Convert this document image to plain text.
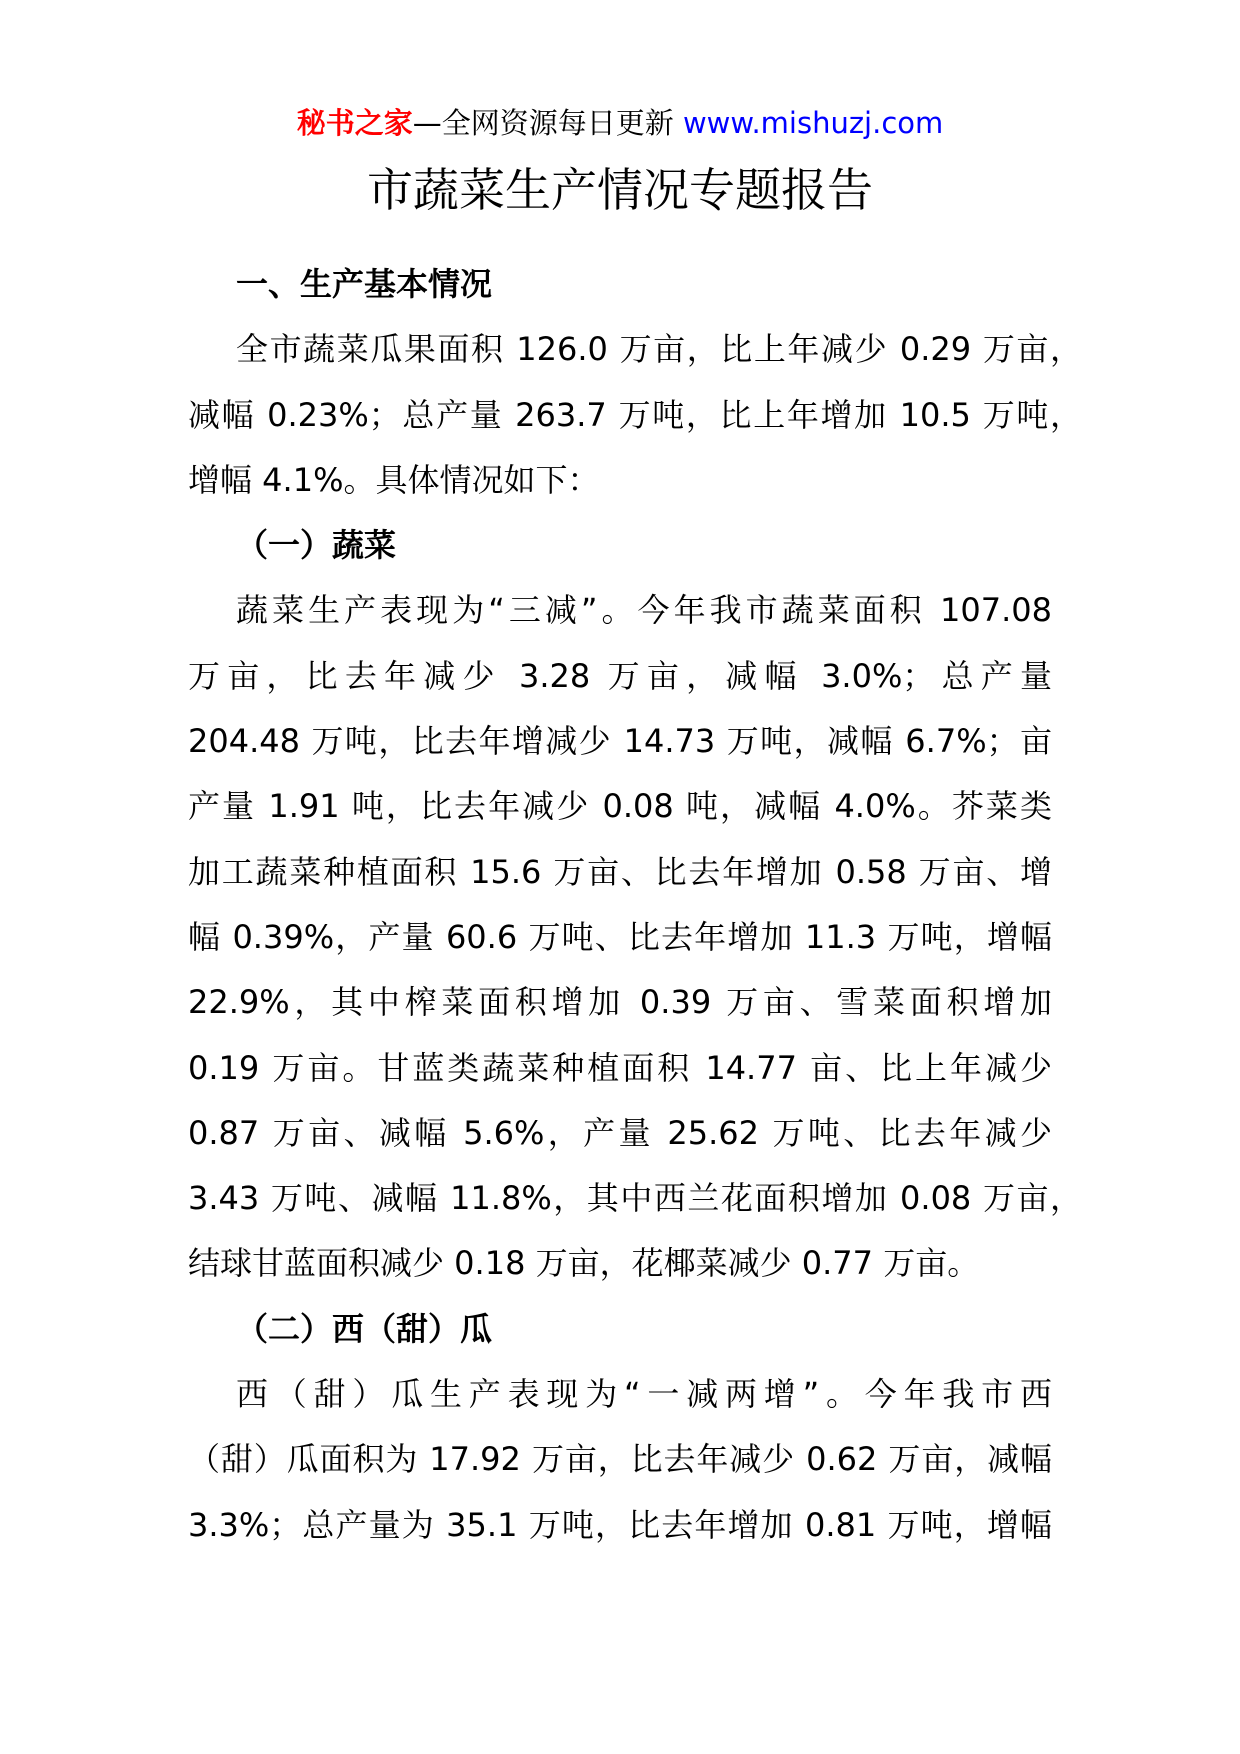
秘书之家—全网资源每日更新 www.mishuzj.com
市蔬菜生产情况专题报告
一、生产基本情况
全市蔬菜瓜果面积 126.0 万亩，比上年减少 0.29 万亩，
减幅 0.23%；总产量 263.7 万吨，比上年增加 10.5 万吨，
增幅 4.1%。具体情况如下：
（一）蔬菜
蔬菜生产表现为“三减”。今年我市蔬菜面积 107.08
万亩，比去年减少 3.28 万亩，减幅 3.0%；总产量
204.48 万吨，比去年增减少 14.73 万吨，减幅 6.7%；亩
产量 1.91 吨，比去年减少 0.08 吨，减幅 4.0%。芥菜类
加工蔬菜种植面积 15.6 万亩、比去年增加 0.58 万亩、增
幅 0.39%，产量 60.6 万吨、比去年增加 11.3 万吨，增幅
22.9%，其中榨菜面积增加 0.39 万亩、雪菜面积增加
0.19 万亩。甘蓝类蔬菜种植面积 14.77 亩、比上年减少
0.87 万亩、减幅 5.6%，产量 25.62 万吨、比去年减少
3.43 万吨、减幅 11.8%，其中西兰花面积增加 0.08 万亩，
结球甘蓝面积减少 0.18 万亩，花椰菜减少 0.77 万亩。
（二）西（甜）瓜
西（甜）瓜生产表现为“一减两增”。今年我市西
（甜）瓜面积为 17.92 万亩，比去年减少 0.62 万亩，减幅
3.3%；总产量为 35.1 万吨，比去年增加 0.81 万吨，增幅
